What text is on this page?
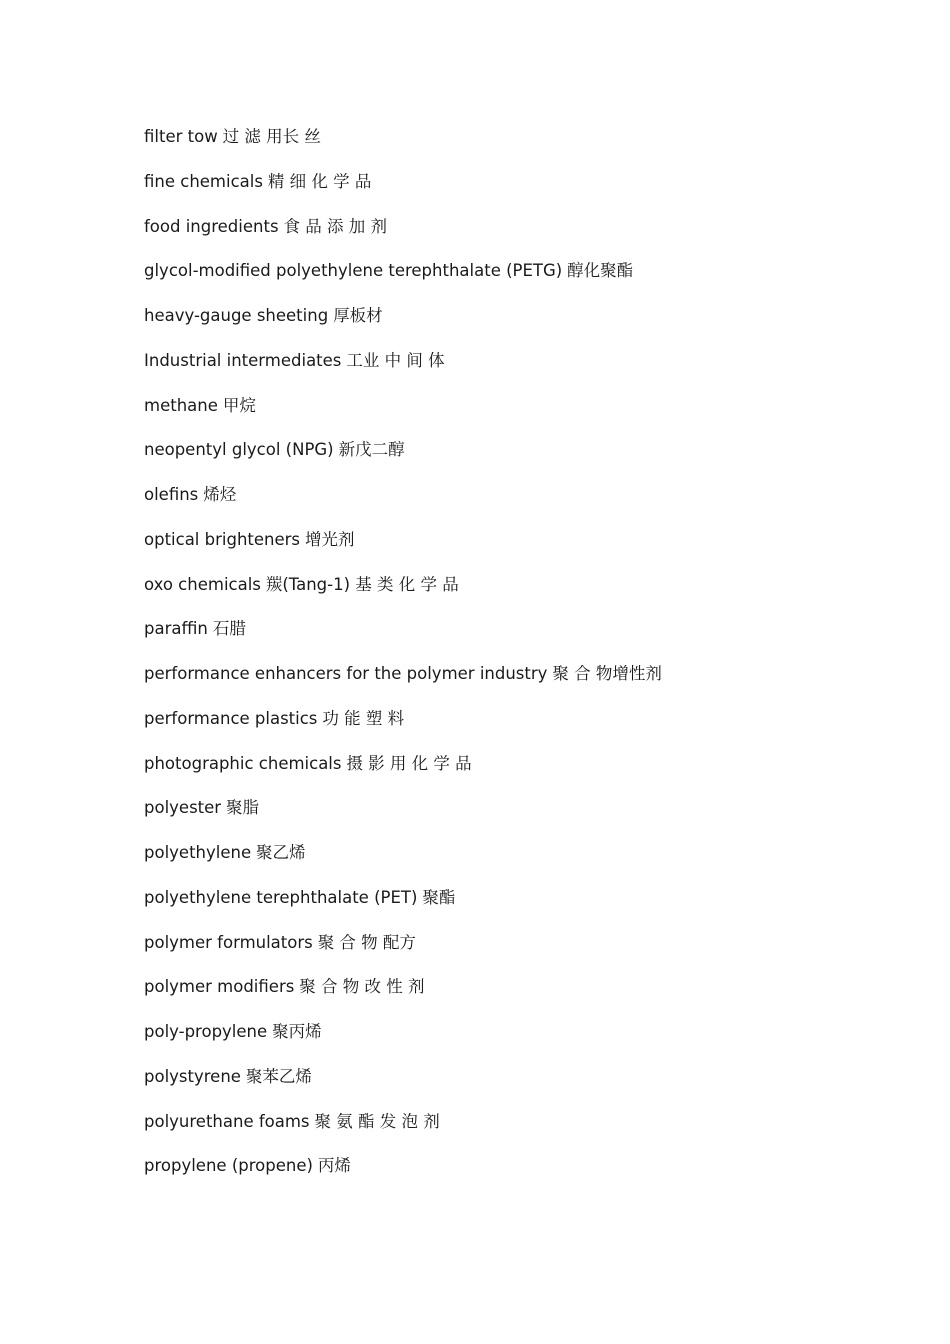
filter tow 过 滤 用长 丝
fine chemicals 精 细 化 学 品
food ingredients 食 品 添 加 剂
glycol-modified polyethylene terephthalate (PETG) 醇化聚酯
heavy-gauge sheeting 厚板材
Industrial intermediates 工业 中 间 体
methane 甲烷
neopentyl glycol (NPG) 新戊二醇
olefins 烯烃
optical brighteners 增光剂
oxo chemicals 羰(Tang-1) 基 类 化 学 品
paraffin 石腊
performance enhancers for the polymer industry 聚 合 物增性剂
performance plastics 功 能 塑 料
photographic chemicals 摄 影 用 化 学 品
polyester 聚脂
polyethylene 聚乙烯
polyethylene terephthalate (PET) 聚酯
polymer formulators 聚 合 物 配方
polymer modifiers 聚 合 物 改 性 剂
poly-propylene 聚丙烯
polystyrene 聚苯乙烯
polyurethane foams 聚 氨 酯 发 泡 剂
propylene (propene) 丙烯
